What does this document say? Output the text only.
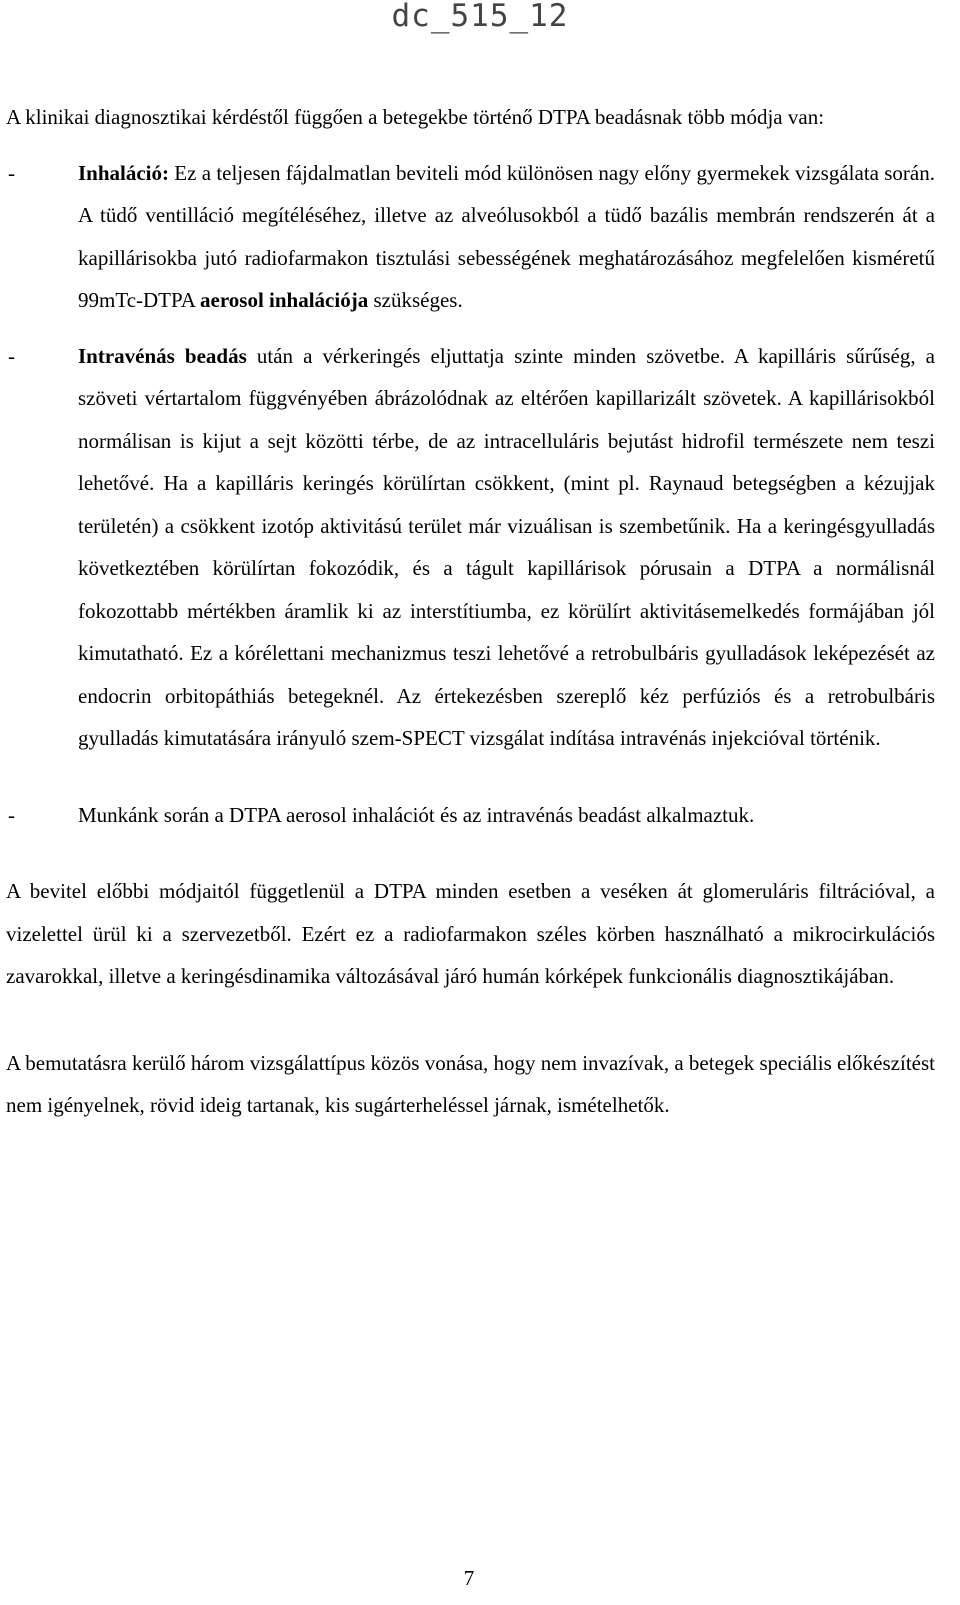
dc_515_12

A klinikai diagnosztikai kérdéstől függően a betegekbe történő DTPA beadásnak több módja van:

-	Inhaláció: Ez a teljesen fájdalmatlan beviteli mód különösen nagy előny gyermekek vizsgálata során. A tüdő ventilláció megítéléséhez, illetve az alveólusokból a tüdő bazális membrán rendszerén át a kapillárisokba jutó radiofarmakon tisztulási sebességének meghatározásához megfelelően kisméretű 99mTc-DTPA aerosol inhalációja szükséges.
-	Intravénás beadás után a vérkeringés eljuttatja szinte minden szövetbe. A kapilláris sűrűség, a szöveti vértartalom függvényében ábrázolódnak az eltérően kapillarizált szövetek. A kapillárisokból normálisan is kijut a sejt közötti térbe, de az intracelluláris bejutást hidrofil természete nem teszi lehetővé. Ha a kapilláris keringés körülírtan csökkent, (mint pl. Raynaud betegségben a kézujjak területén) a csökkent izotóp aktivitású terület már vizuálisan is szembetűnik. Ha a keringésgyulladás következtében körülírtan fokozódik, és a tágult kapillárisok pórusain a DTPA a normálisnál fokozottabb mértékben áramlik ki az interstítiumba, ez körülírt aktivitásemelkedés formájában jól kimutatható. Ez a kórélettani mechanizmus teszi lehetővé a retrobulbáris gyulladások leképezését az endocrin orbitopáthiás betegeknél. Az értekezésben szereplő kéz perfúziós és a retrobulbáris gyulladás kimutatására irányuló szem-SPECT vizsgálat indítása intravénás injekcióval történik.
-	Munkánk során a DTPA aerosol inhalációt és az intravénás beadást alkalmaztuk.

A bevitel előbbi módjaitól függetlenül a DTPA minden esetben a veséken át glomeruláris filtrációval, a vizelettel ürül ki a szervezetből. Ezért ez a radiofarmakon széles körben használható a mikrocirkulációs zavarokkal, illetve a keringésdinamika változásával járó humán kórképek funkcionális diagnosztikájában.

A bemutatásra kerülő három vizsgálattípus közös vonása, hogy nem invazívak, a betegek speciális előkészítést nem igényelnek, rövid ideig tartanak, kis sugárterheléssel járnak, ismételhetők.

7
